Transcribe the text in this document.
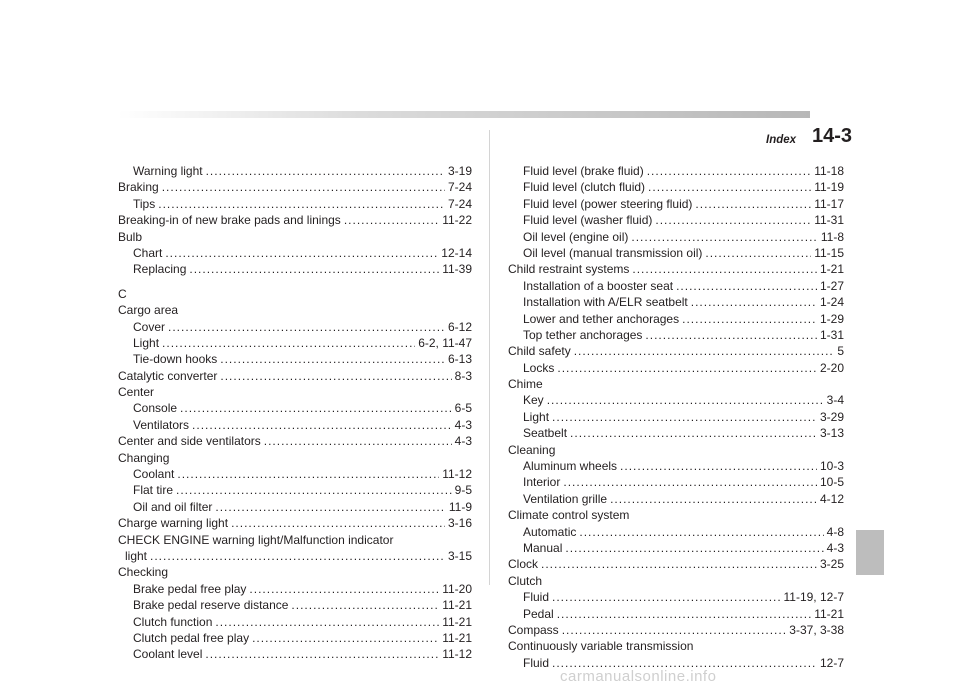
Index 14-3
Warning light .....	3-19
Braking .....	7-24
Tips .....	7-24
Breaking-in of new brake pads and linings .....	11-22
Bulb
Chart .....	12-14
Replacing .....	11-39
C
Cargo area
Cover .....	6-12
Light .....	6-2, 11-47
Tie-down hooks .....	6-13
Catalytic converter .....	8-3
Center
Console .....	6-5
Ventilators .....	4-3
Center and side ventilators .....	4-3
Changing
Coolant .....	11-12
Flat tire .....	9-5
Oil and oil filter .....	11-9
Charge warning light .....	3-16
CHECK ENGINE warning light/Malfunction indicator
light .....	3-15
Checking
Brake pedal free play .....	11-20
Brake pedal reserve distance .....	11-21
Clutch function .....	11-21
Clutch pedal free play .....	11-21
Coolant level .....	11-12
Fluid level (brake fluid) .....	11-18
Fluid level (clutch fluid) .....	11-19
Fluid level (power steering fluid) .....	11-17
Fluid level (washer fluid) .....	11-31
Oil level (engine oil) .....	11-8
Oil level (manual transmission oil) .....	11-15
Child restraint systems .....	1-21
Installation of a booster seat .....	1-27
Installation with A/ELR seatbelt .....	1-24
Lower and tether anchorages .....	1-29
Top tether anchorages .....	1-31
Child safety .....	5
Locks .....	2-20
Chime
Key .....	3-4
Light .....	3-29
Seatbelt .....	3-13
Cleaning
Aluminum wheels .....	10-3
Interior .....	10-5
Ventilation grille .....	4-12
Climate control system
Automatic .....	4-8
Manual .....	4-3
Clock .....	3-25
Clutch
Fluid .....	11-19, 12-7
Pedal .....	11-21
Compass .....	3-37, 3-38
Continuously variable transmission
Fluid .....	12-7
carmanualsonline.info
